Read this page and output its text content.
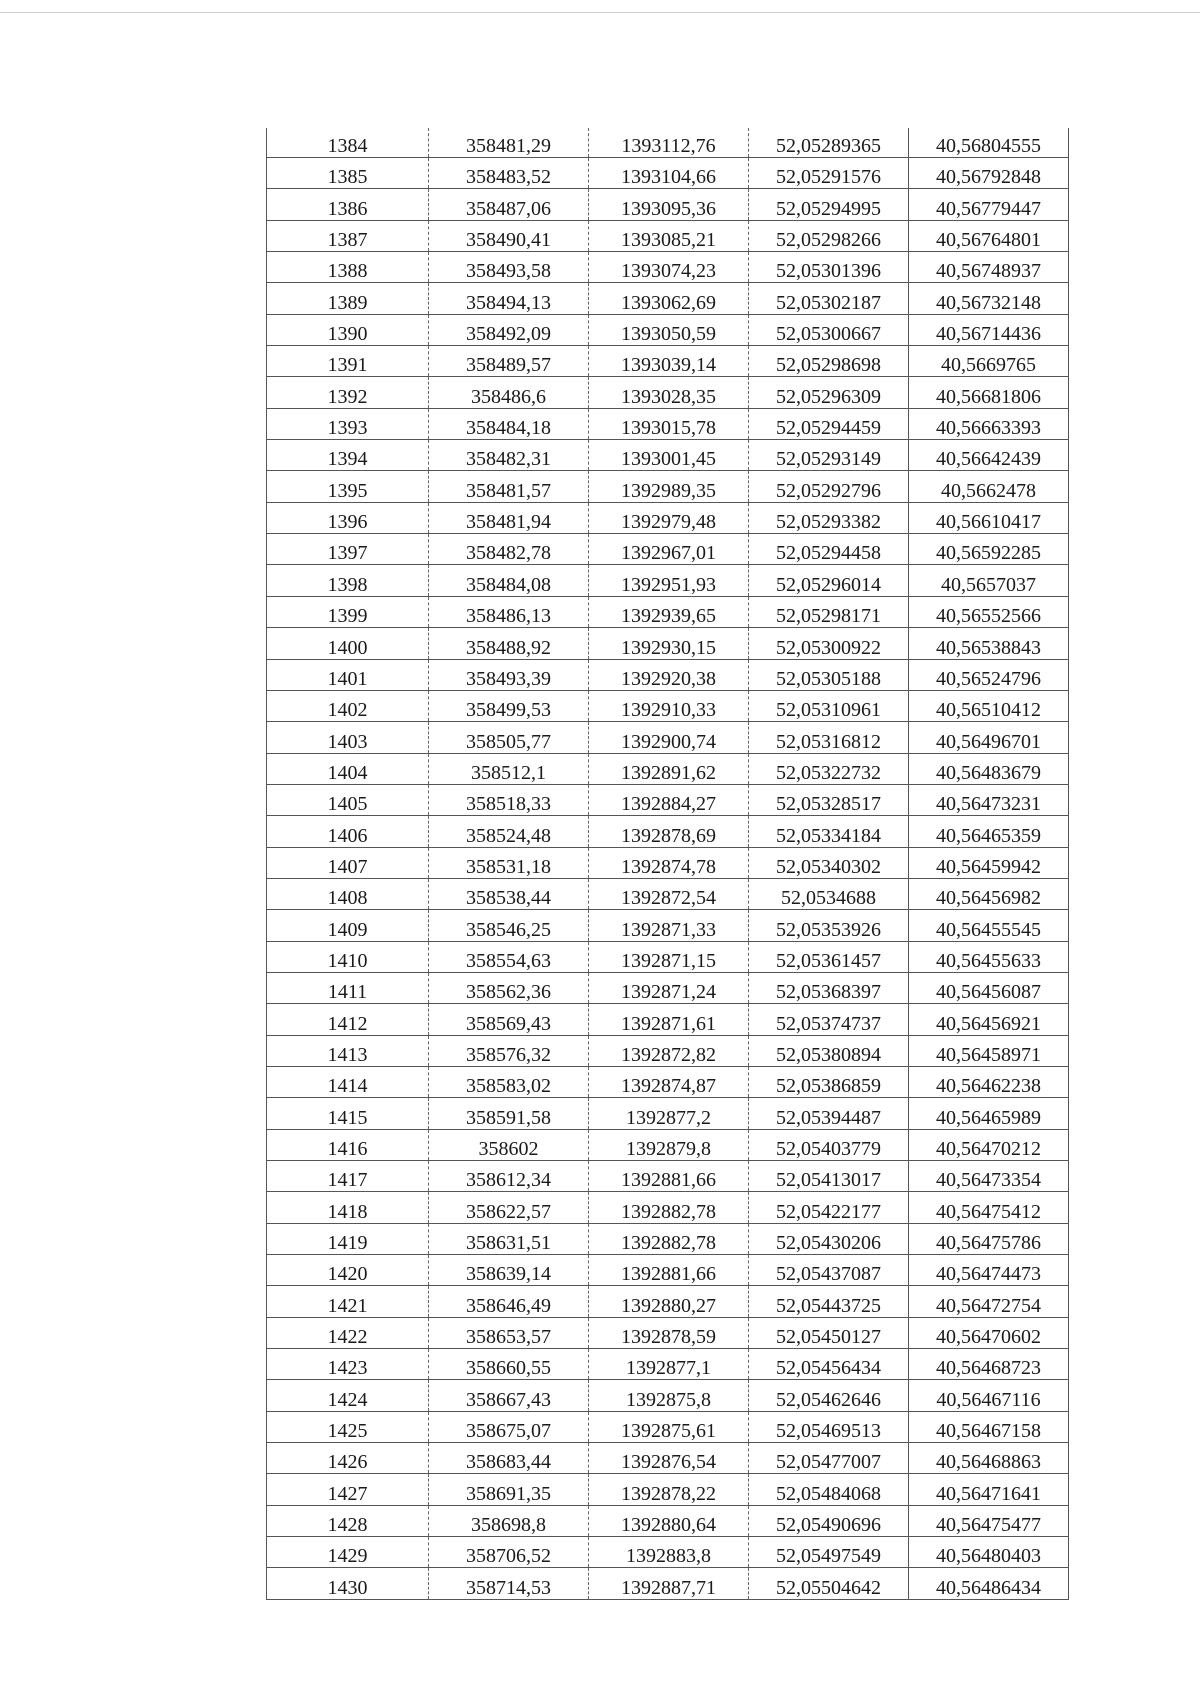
1384	358481,29	1393112,76	52,05289365	40,56804555
1385	358483,52	1393104,66	52,05291576	40,56792848
1386	358487,06	1393095,36	52,05294995	40,56779447
1387	358490,41	1393085,21	52,05298266	40,56764801
1388	358493,58	1393074,23	52,05301396	40,56748937
1389	358494,13	1393062,69	52,05302187	40,56732148
1390	358492,09	1393050,59	52,05300667	40,56714436
1391	358489,57	1393039,14	52,05298698	40,5669765
1392	358486,6	1393028,35	52,05296309	40,56681806
1393	358484,18	1393015,78	52,05294459	40,56663393
1394	358482,31	1393001,45	52,05293149	40,56642439
1395	358481,57	1392989,35	52,05292796	40,5662478
1396	358481,94	1392979,48	52,05293382	40,56610417
1397	358482,78	1392967,01	52,05294458	40,56592285
1398	358484,08	1392951,93	52,05296014	40,5657037
1399	358486,13	1392939,65	52,05298171	40,56552566
1400	358488,92	1392930,15	52,05300922	40,56538843
1401	358493,39	1392920,38	52,05305188	40,56524796
1402	358499,53	1392910,33	52,05310961	40,56510412
1403	358505,77	1392900,74	52,05316812	40,56496701
1404	358512,1	1392891,62	52,05322732	40,56483679
1405	358518,33	1392884,27	52,05328517	40,56473231
1406	358524,48	1392878,69	52,05334184	40,56465359
1407	358531,18	1392874,78	52,05340302	40,56459942
1408	358538,44	1392872,54	52,0534688	40,56456982
1409	358546,25	1392871,33	52,05353926	40,56455545
1410	358554,63	1392871,15	52,05361457	40,56455633
1411	358562,36	1392871,24	52,05368397	40,56456087
1412	358569,43	1392871,61	52,05374737	40,56456921
1413	358576,32	1392872,82	52,05380894	40,56458971
1414	358583,02	1392874,87	52,05386859	40,56462238
1415	358591,58	1392877,2	52,05394487	40,56465989
1416	358602	1392879,8	52,05403779	40,56470212
1417	358612,34	1392881,66	52,05413017	40,56473354
1418	358622,57	1392882,78	52,05422177	40,56475412
1419	358631,51	1392882,78	52,05430206	40,56475786
1420	358639,14	1392881,66	52,05437087	40,56474473
1421	358646,49	1392880,27	52,05443725	40,56472754
1422	358653,57	1392878,59	52,05450127	40,56470602
1423	358660,55	1392877,1	52,05456434	40,56468723
1424	358667,43	1392875,8	52,05462646	40,56467116
1425	358675,07	1392875,61	52,05469513	40,56467158
1426	358683,44	1392876,54	52,05477007	40,56468863
1427	358691,35	1392878,22	52,05484068	40,56471641
1428	358698,8	1392880,64	52,05490696	40,56475477
1429	358706,52	1392883,8	52,05497549	40,56480403
1430	358714,53	1392887,71	52,05504642	40,56486434
